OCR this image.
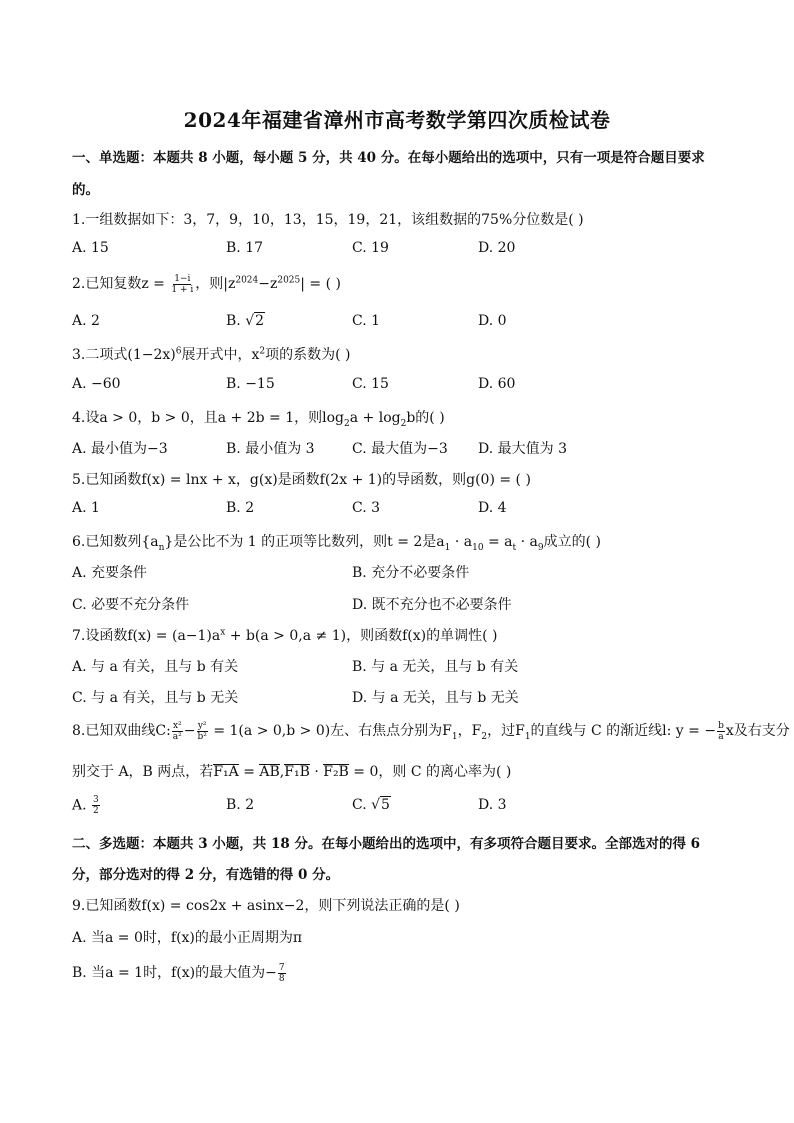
2024年福建省漳州市高考数学第四次质检试卷
一、单选题：本题共 8 小题，每小题 5 分，共 40 分。在每小题给出的选项中，只有一项是符合题目要求
的。
1.一组数据如下：3，7，9，10，13，15，19，21，该组数据的75%分位数是( )
A. 15	B. 17	C. 19	D. 20
2.已知复数$z = \frac{1-i}{1 + i}$ ，则$|z^{2024}-z^{2025}|$ = ( )
A. 2	B. √2	C. 1	D. 0
3.二项式$(1-2x)^6$展开式中，$x^2$项的系数为( )
A. −60	B. −15	C. 15	D. 60
4.设a > 0，b > 0，且a + 2b = 1，则$\log_2a + \log_2b$的( )
A. 最小值为−3	B. 最小值为 3	C. 最大值为−3 D. 最大值为 3
5.已知函数f(x) = lnx + x，g(x)是函数f(2x + 1)的导函数，则g(0) = ( )
A. 1	B. 2	C. 3	D. 4
6.已知数列$\{a_n\}$是公比不为 1 的正项等比数列，则t = 2是$a_1 \cdot a_{10} = a_t \cdot a_9$成立的( )
A. 充要条件	B. 充分不必要条件
C. 必要不充分条件	D. 既不充分也不必要条件
7.设函数$f(x) = (a-1)a^x + b(a > 0,a \ne 1)$，则函数f(x)的单调性( )
A. 与 a 有关，且与 b 有关	B. 与 a 无关，且与 b 有关
C. 与 a 有关，且与 b 无关	D. 与 a 无关，且与 b 无关
8.已知双曲线C: $\frac{\text{x²}}{\text{a²}} - \frac{\text{y²}}{\text{b²}} = 1(a > 0,b > 0)$左、右焦点分别为$F_1$，$F_2$，过$F_1$的直线与 C 的渐近线l: y = − $\frac{b}{a}$ x及右支分
别交于 A，B 两点，若F₁A = AB,F₁B · F₂B = 0，则 C 的离心率为( )
A. $\frac{3}{2}$	B. 2	C. √5	D. 3
二、多选题：本题共 3 小题，共 18 分。在每小题给出的选项中，有多项符合题目要求。全部选对的得 6
分，部分选对的得 2 分，有选错的得 0 分。
9.已知函数f(x) = cos2x + asinx−2，则下列说法正确的是( )
A. 当a = 0时，f(x)的最小正周期为π
B. 当a = 1时，f(x)的最大值为− $\frac{7}{8}$
